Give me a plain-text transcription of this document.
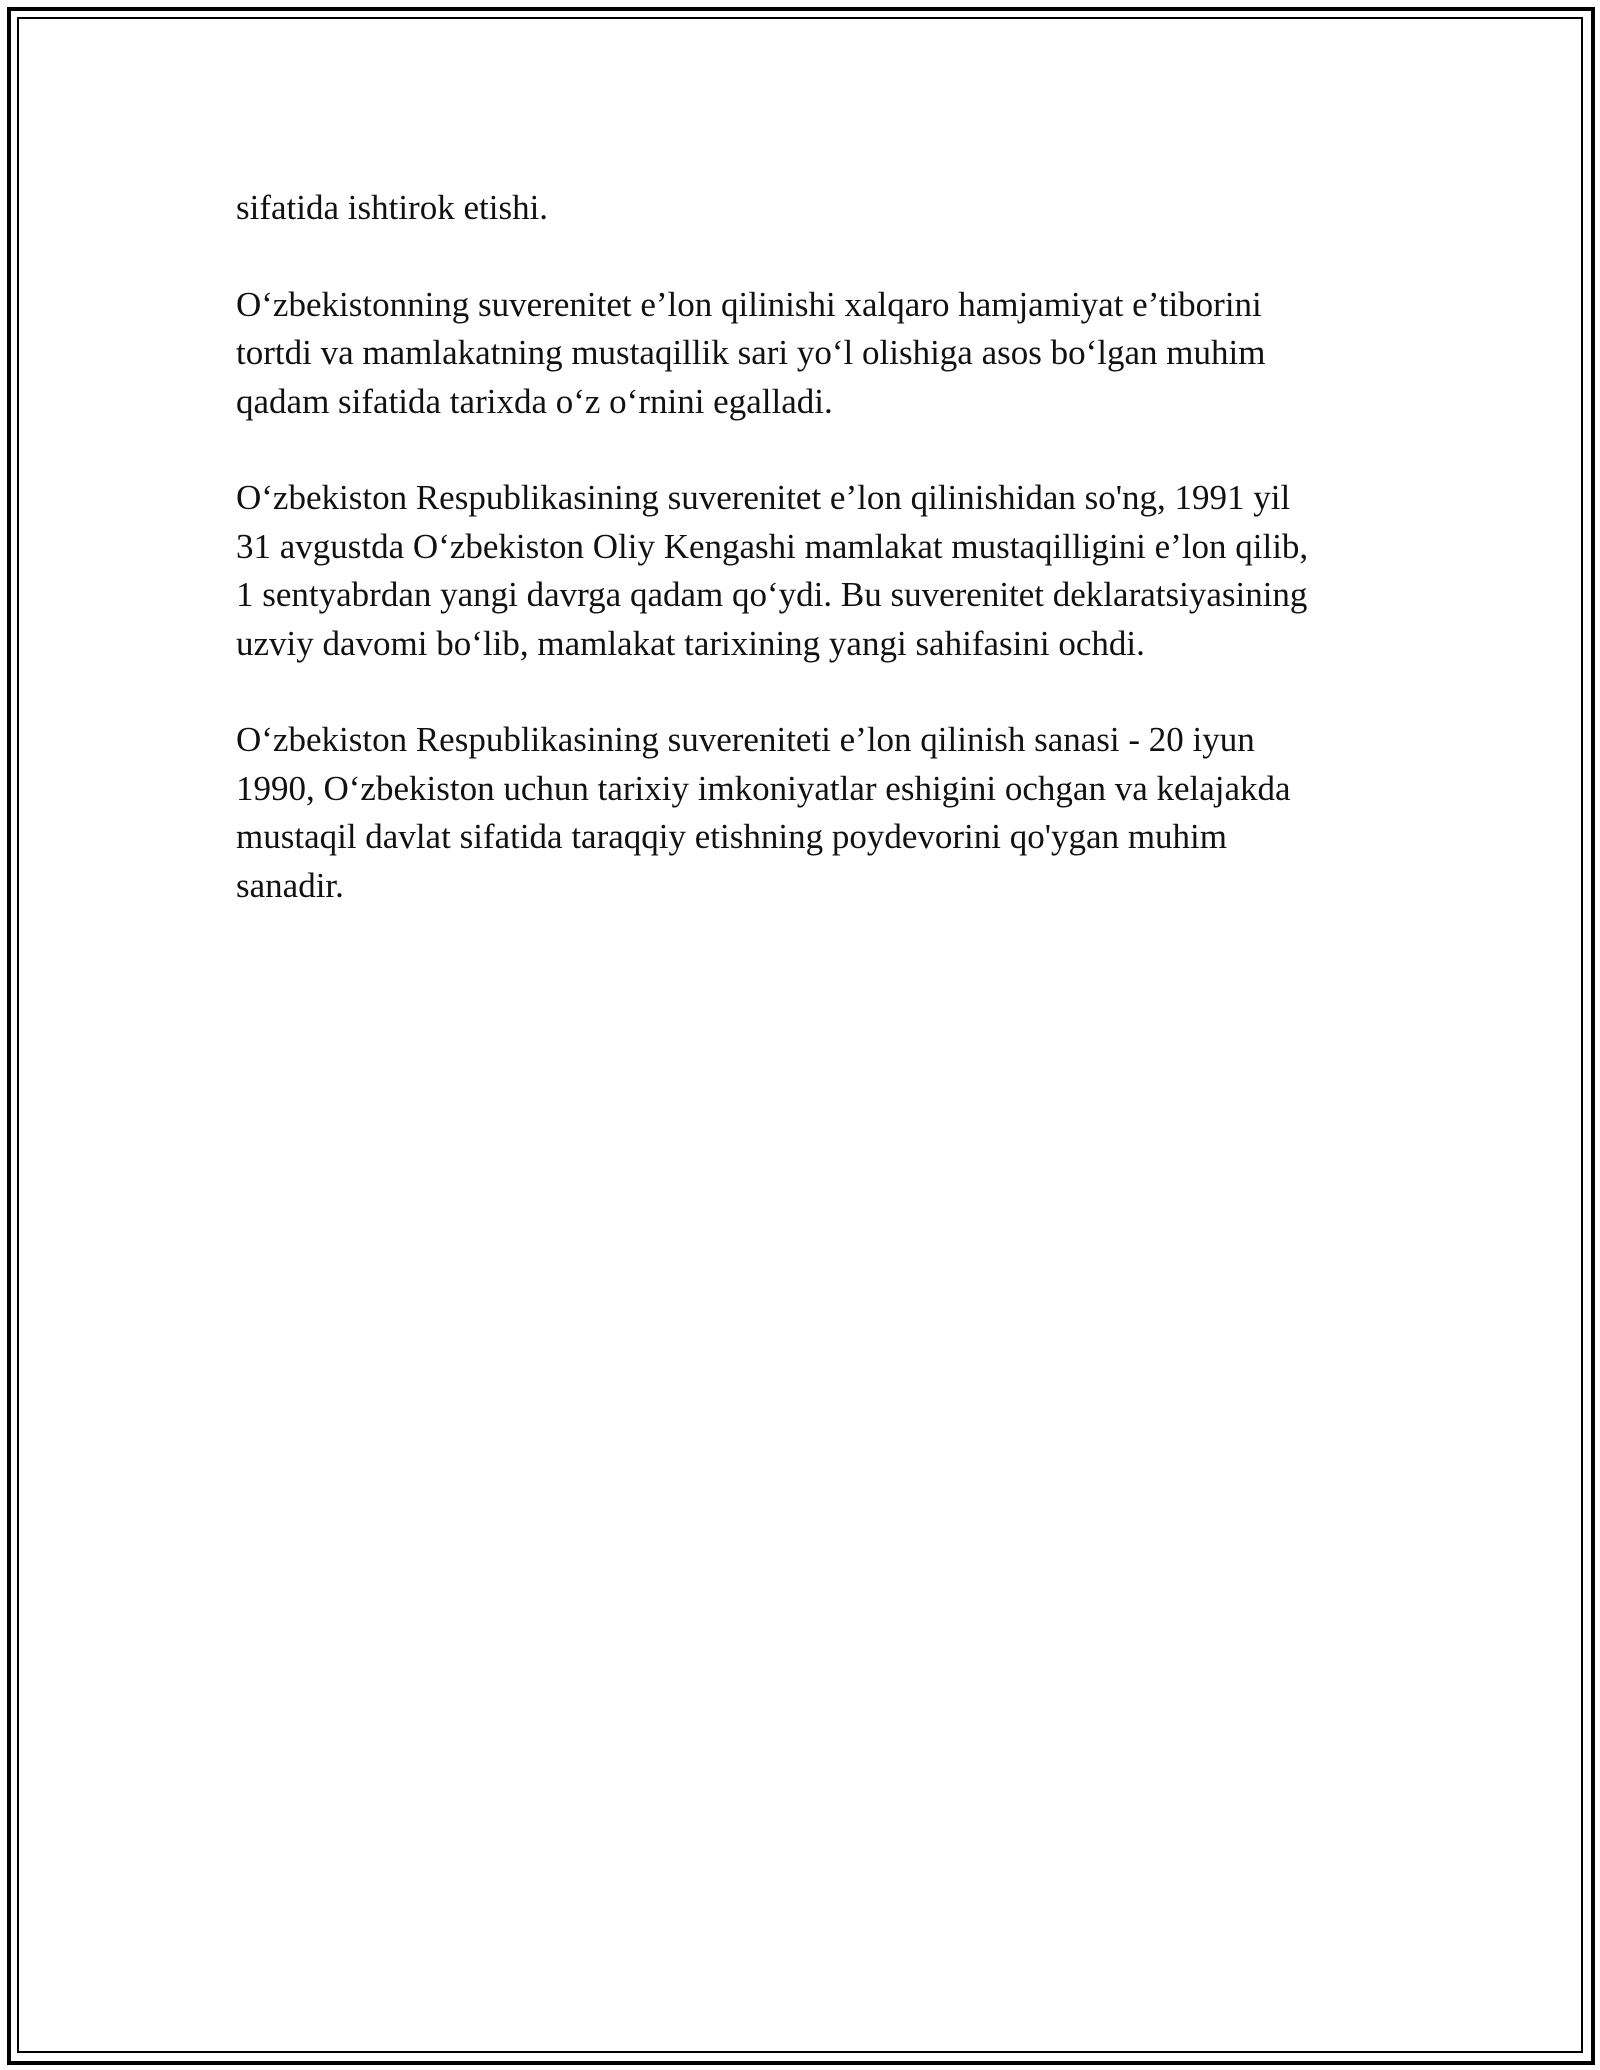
sifatida ishtirok etishi.

O‘zbekistonning suverenitet e’lon qilinishi xalqaro hamjamiyat e’tiborini
tortdi va mamlakatning mustaqillik sari yo‘l olishiga asos bo‘lgan muhim
qadam sifatida tarixda o‘z o‘rnini egalladi.

O‘zbekiston Respublikasining suverenitet e’lon qilinishidan so'ng, 1991 yil
31 avgustda O‘zbekiston Oliy Kengashi mamlakat mustaqilligini e’lon qilib,
1 sentyabrdan yangi davrga qadam qo‘ydi. Bu suverenitet deklaratsiyasining
uzviy davomi bo‘lib, mamlakat tarixining yangi sahifasini ochdi.

O‘zbekiston Respublikasining suvereniteti e’lon qilinish sanasi - 20 iyun
1990, O‘zbekiston uchun tarixiy imkoniyatlar eshigini ochgan va kelajakda
mustaqil davlat sifatida taraqqiy etishning poydevorini qo'ygan muhim
sanadir.
